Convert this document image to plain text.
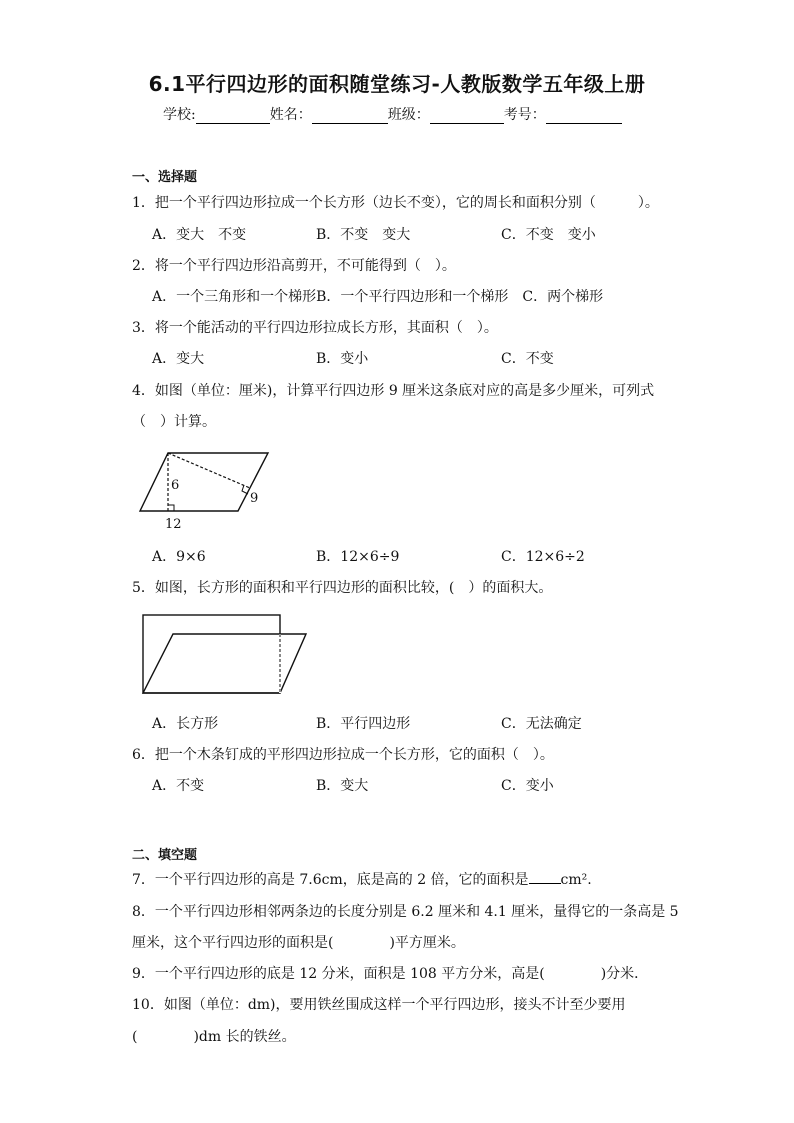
6.1平行四边形的面积随堂练习-人教版数学五年级上册
学校:	姓名：	班级：	考号：
一、选择题
1．把一个平行四边形拉成一个长方形（边长不变），它的周长和面积分别（　　　）。
A．变大　不变	B．不变　变大	C．不变　变小
2．将一个平行四边形沿高剪开，不可能得到（　）。
A．一个三角形和一个梯形B．一个平行四边形和一个梯形　C．两个梯形
3．将一个能活动的平行四边形拉成长方形，其面积（　）。
A．变大	B．变小	C．不变
4．如图（单位：厘米)，计算平行四边形 9 厘米这条底对应的高是多少厘米，可列式
（　）计算。
6
12
9
A．9×6	B．12×6÷9	C．12×6÷2
5．如图，长方形的面积和平行四边形的面积比较，(　）的面积大。
A．长方形	B．平行四边形	C．无法确定
6．把一个木条钉成的平形四边形拉成一个长方形，它的面积（　）。
A．不变	B．变大	C．变小
二、填空题
7．一个平行四边形的高是 7.6cm，底是高的 2 倍，它的面积是 cm².
8．一个平行四边形相邻两条边的长度分别是 6.2 厘米和 4.1 厘米，量得它的一条高是 5
厘米，这个平行四边形的面积是(　　　　)平方厘米。
9．一个平行四边形的底是 12 分米，面积是 108 平方分米，高是(　　　　)分米．
10．如图（单位：dm)，要用铁丝围成这样一个平行四边形，接头不计至少要用
(　　　　)dm 长的铁丝。
